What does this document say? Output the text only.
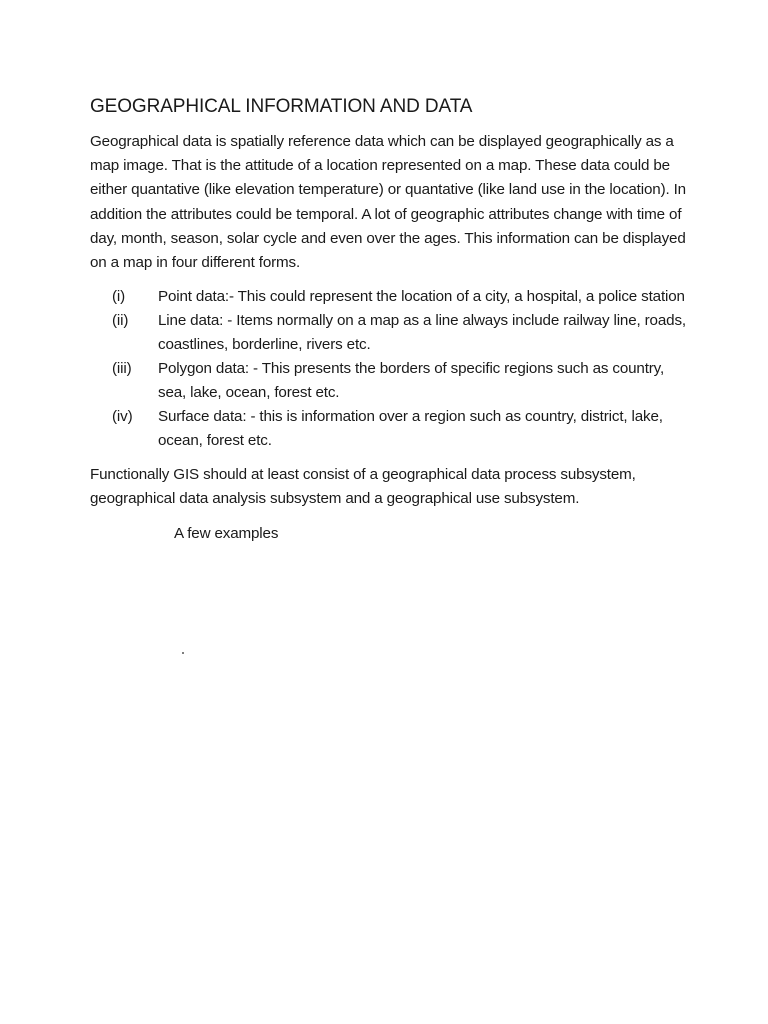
GEOGRAPHICAL INFORMATION AND DATA

Geographical data is spatially reference data which can be displayed geographically as a map image. That is the attitude of a location represented on a map. These data could be either quantative (like elevation temperature) or quantative (like land use in the location). In addition the attributes could be temporal. A lot of geographic attributes change with time of day, month, season, solar cycle and even over the ages. This information can be displayed on a map in four different forms.

(i)	Point data:- This could represent the location of a city, a hospital, a police station
(ii)	Line data: - Items normally on a map as a line always include railway line, roads, coastlines, borderline, rivers etc.
(iii)	Polygon data: - This presents the borders of specific regions such as country, sea, lake, ocean, forest etc.
(iv)	Surface data: - this is information over a region such as country, district, lake, ocean, forest etc.

Functionally GIS should at least consist of a geographical data process subsystem, geographical data analysis subsystem and a geographical use subsystem.

A few examples
